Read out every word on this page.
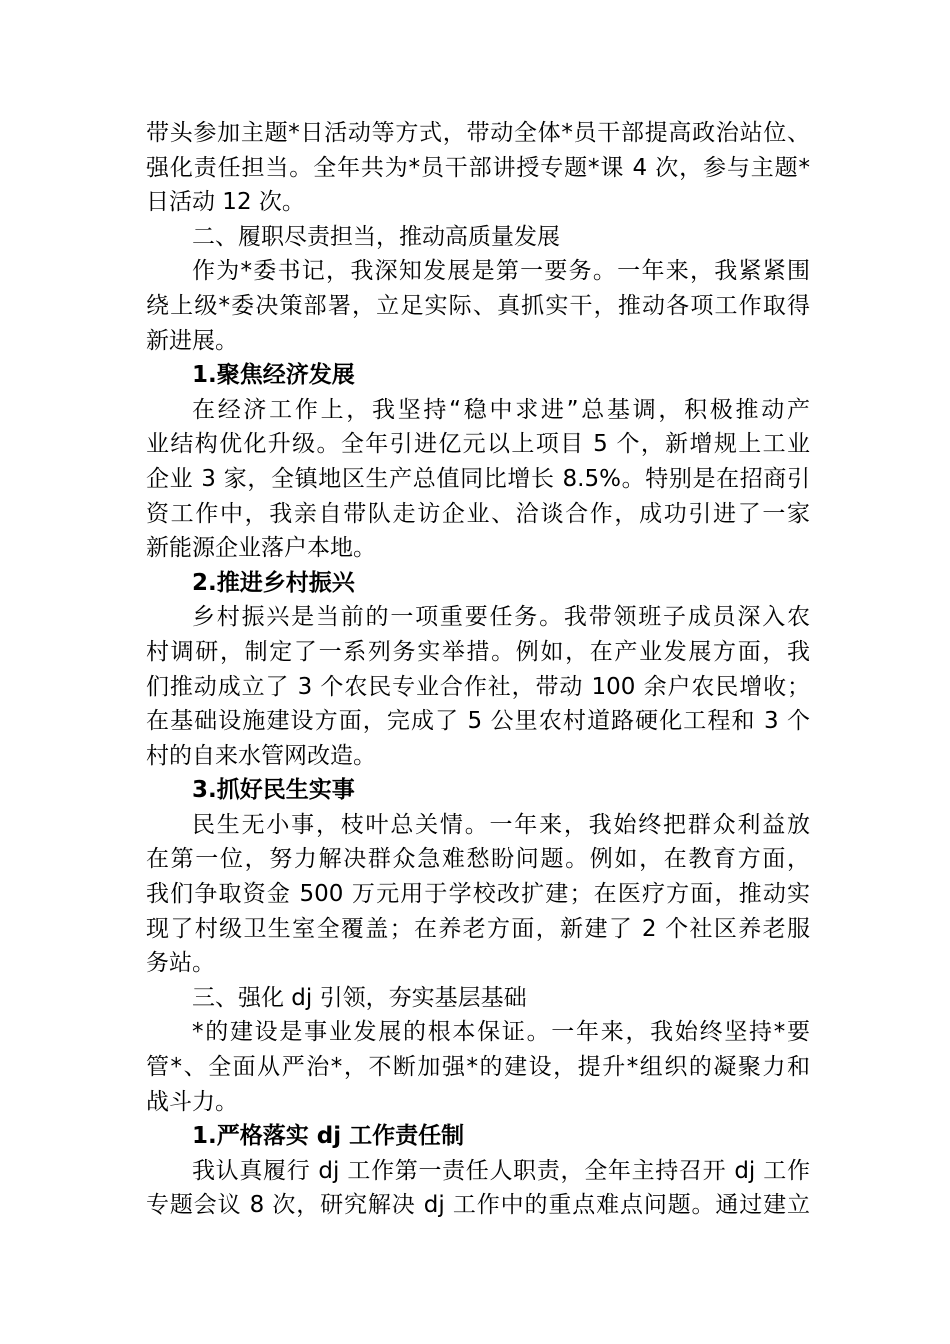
带头参加主题*日活动等方式，带动全体*员干部提高政治站位、
强化责任担当。全年共为*员干部讲授专题*课 4 次，参与主题*
日活动 12 次。
二、履职尽责担当，推动高质量发展
作为*委书记，我深知发展是第一要务。一年来，我紧紧围
绕上级*委决策部署，立足实际、真抓实干，推动各项工作取得
新进展。
1.聚焦经济发展
在经济工作上，我坚持“稳中求进”总基调，积极推动产
业结构优化升级。全年引进亿元以上项目 5 个，新增规上工业
企业 3 家，全镇地区生产总值同比增长 8.5%。特别是在招商引
资工作中，我亲自带队走访企业、洽谈合作，成功引进了一家
新能源企业落户本地。
2.推进乡村振兴
乡村振兴是当前的一项重要任务。我带领班子成员深入农
村调研，制定了一系列务实举措。例如，在产业发展方面，我
们推动成立了 3 个农民专业合作社，带动 100 余户农民增收；
在基础设施建设方面，完成了 5 公里农村道路硬化工程和 3 个
村的自来水管网改造。
3.抓好民生实事
民生无小事，枝叶总关情。一年来，我始终把群众利益放
在第一位，努力解决群众急难愁盼问题。例如，在教育方面，
我们争取资金 500 万元用于学校改扩建；在医疗方面，推动实
现了村级卫生室全覆盖；在养老方面，新建了 2 个社区养老服
务站。
三、强化 dj 引领，夯实基层基础
*的建设是事业发展的根本保证。一年来，我始终坚持*要
管*、全面从严治*，不断加强*的建设，提升*组织的凝聚力和
战斗力。
1.严格落实 dj 工作责任制
我认真履行 dj 工作第一责任人职责，全年主持召开 dj 工作
专题会议 8 次，研究解决 dj 工作中的重点难点问题。通过建立
